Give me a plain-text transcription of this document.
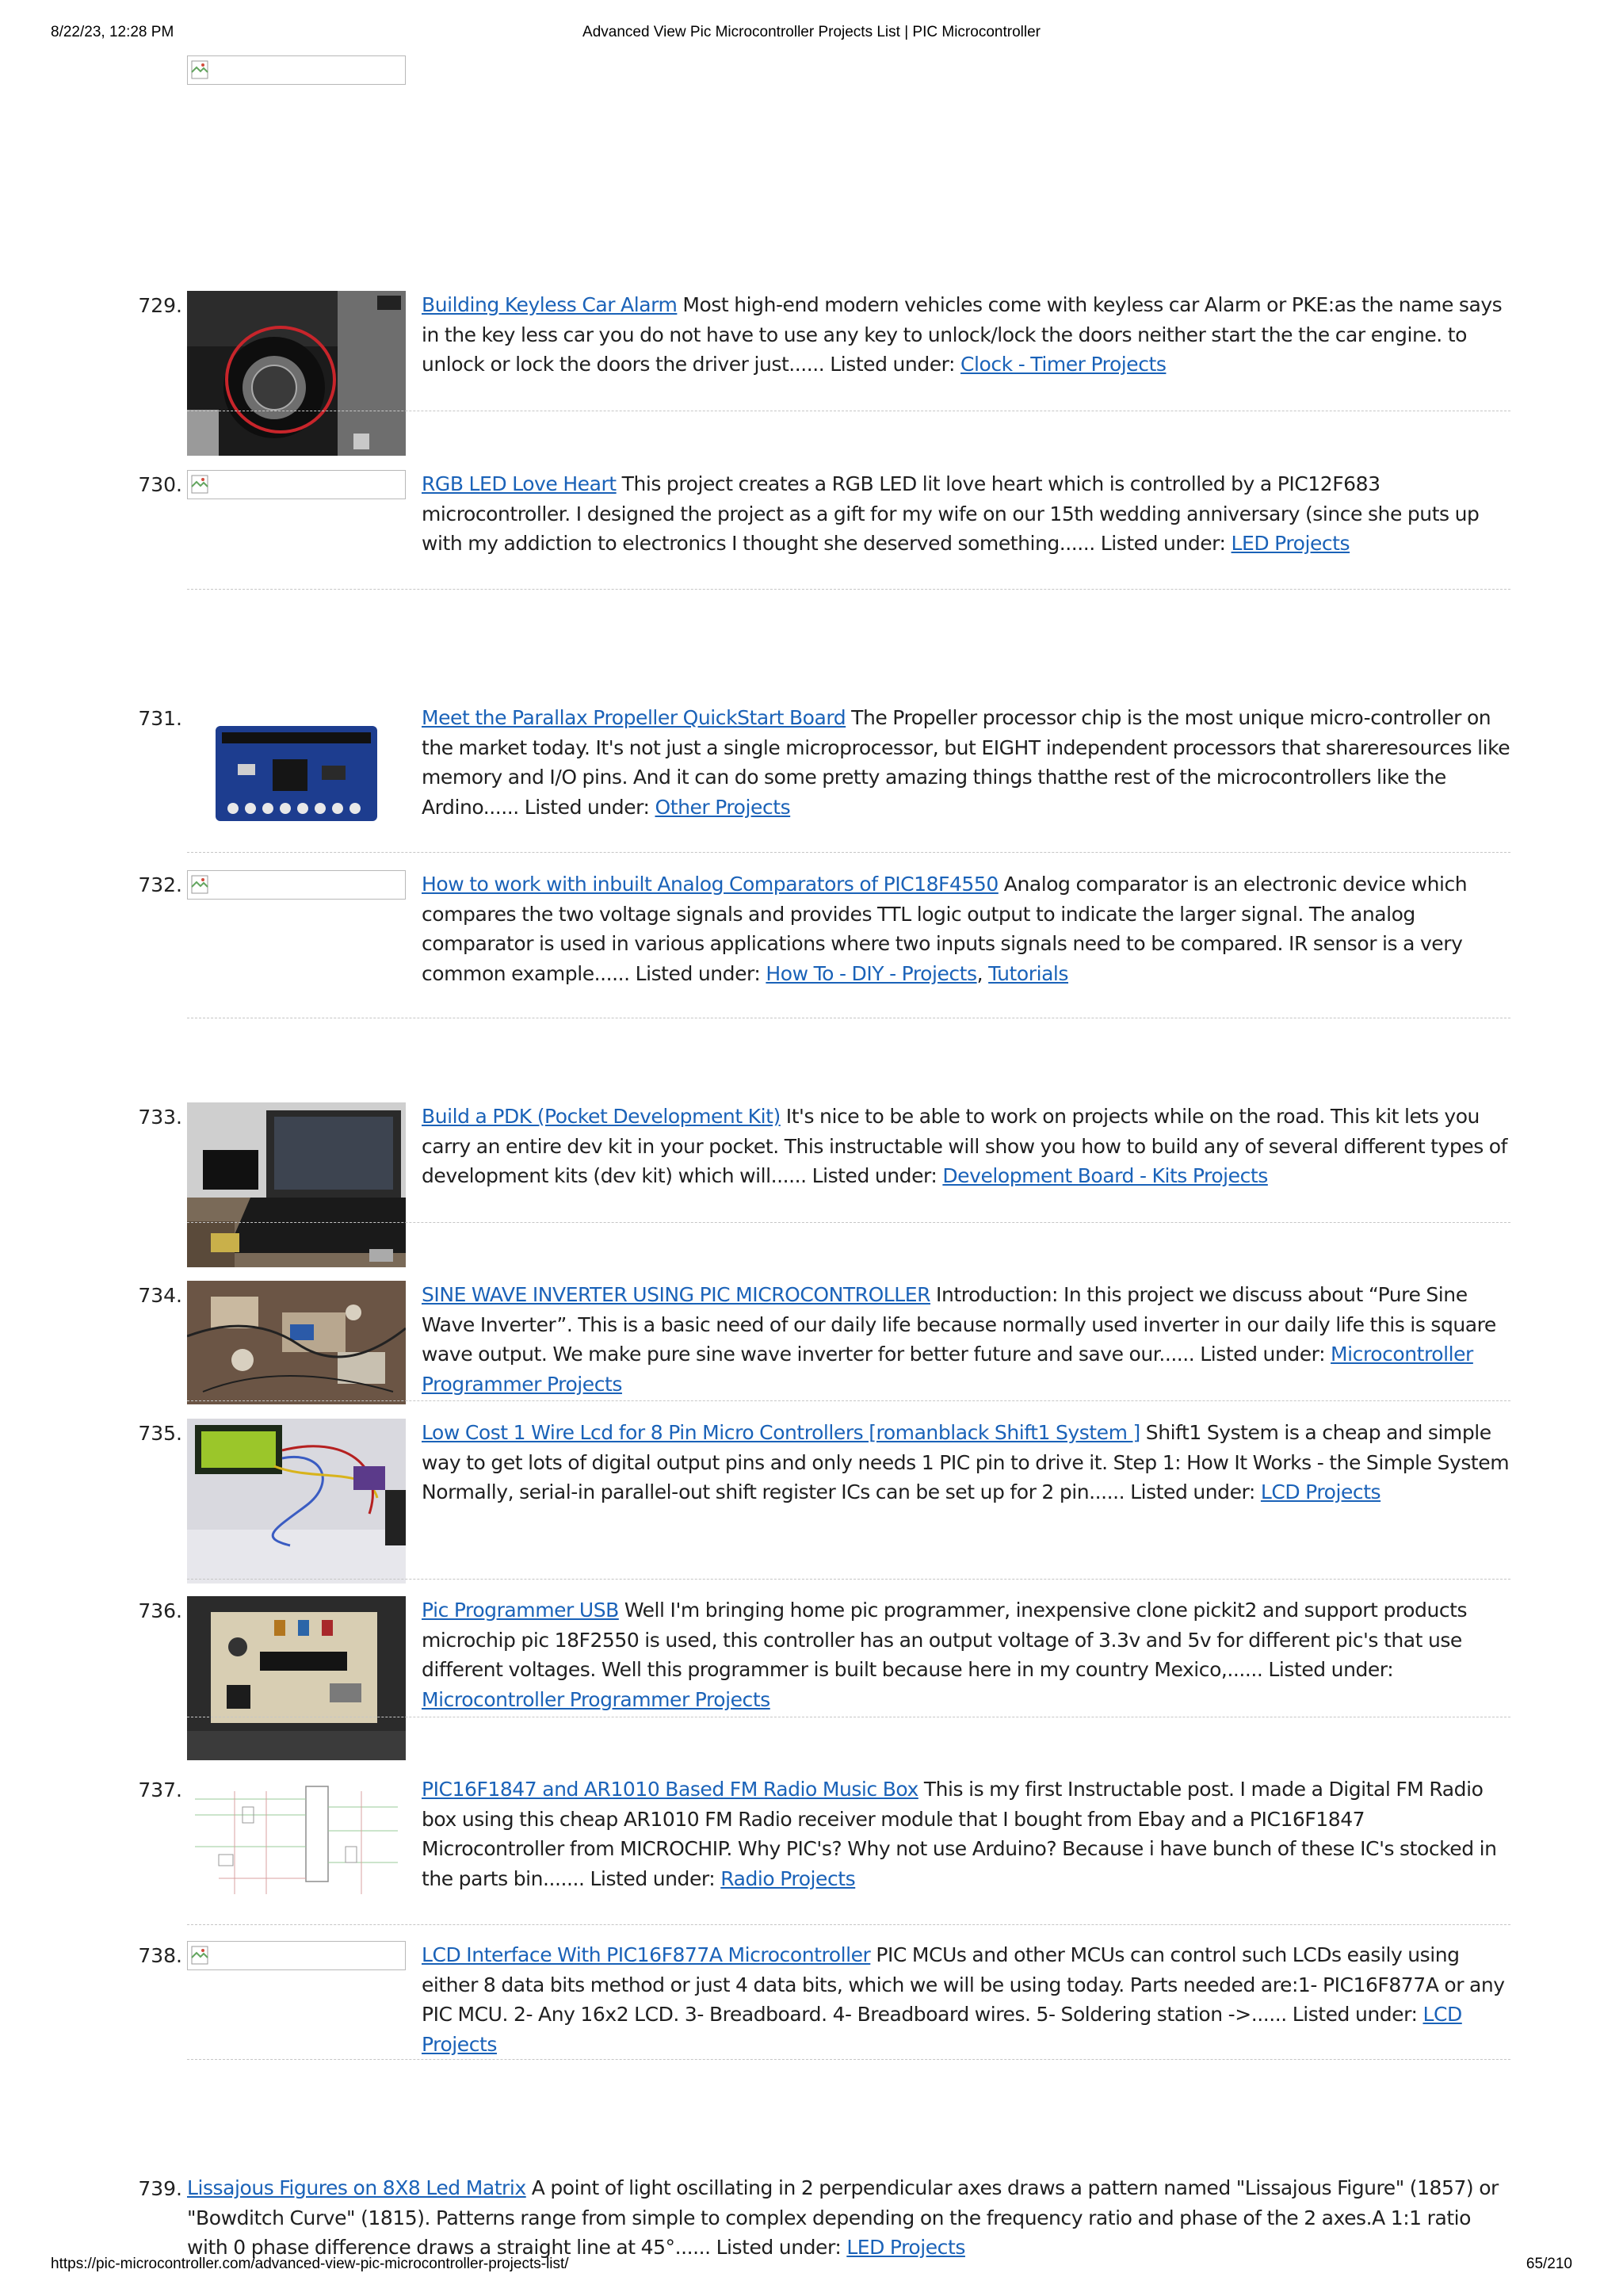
8/22/23, 12:28 PM	Advanced View Pic Microcontroller Projects List | PIC Microcontroller
729.	Building Keyless Car Alarm Most high-end modern vehicles come with keyless car Alarm or PKE:as the name says in the key less car you do not have to use any key to unlock/lock the doors neither start the the car engine. to unlock or lock the doors the driver just...... Listed under: Clock - Timer Projects
730.	RGB LED Love Heart This project creates a RGB LED lit love heart which is controlled by a PIC12F683 microcontroller. I designed the project as a gift for my wife on our 15th wedding anniversary (since she puts up with my addiction to electronics I thought she deserved something...... Listed under: LED Projects
731.	Meet the Parallax Propeller QuickStart Board The Propeller processor chip is the most unique micro-controller on the market today. It's not just a single microprocessor, but EIGHT independent processors that shareresources like memory and I/O pins. And it can do some pretty amazing things thatthe rest of the microcontrollers like the Ardino...... Listed under: Other Projects
732.	How to work with inbuilt Analog Comparators of PIC18F4550 Analog comparator is an electronic device which compares the two voltage signals and provides TTL logic output to indicate the larger signal. The analog comparator is used in various applications where two inputs signals need to be compared. IR sensor is a very common example...... Listed under: How To - DIY - Projects, Tutorials
733.	Build a PDK (Pocket Development Kit) It's nice to be able to work on projects while on the road. This kit lets you carry an entire dev kit in your pocket. This instructable will show you how to build any of several different types of development kits (dev kit) which will...... Listed under: Development Board - Kits Projects
734.	SINE WAVE INVERTER USING PIC MICROCONTROLLER Introduction: In this project we discuss about “Pure Sine Wave Inverter”. This is a basic need of our daily life because normally used inverter in our daily life this is square wave output. We make pure sine wave inverter for better future and save our...... Listed under: Microcontroller Programmer Projects
735.	Low Cost 1 Wire Lcd for 8 Pin Micro Controllers [romanblack Shift1 System ] Shift1 System is a cheap and simple way to get lots of digital output pins and only needs 1 PIC pin to drive it. Step 1: How It Works - the Simple System Normally, serial-in parallel-out shift register ICs can be set up for 2 pin...... Listed under: LCD Projects
736.	Pic Programmer USB Well I'm bringing home pic programmer, inexpensive clone pickit2 and support products microchip pic 18F2550 is used, this controller has an output voltage of 3.3v and 5v for different pic's that use different voltages. Well this programmer is built because here in my country Mexico,...... Listed under: Microcontroller Programmer Projects
737.	PIC16F1847 and AR1010 Based FM Radio Music Box This is my first Instructable post. I made a Digital FM Radio box using this cheap AR1010 FM Radio receiver module that I bought from Ebay and a PIC16F1847 Microcontroller from MICROCHIP. Why PIC's? Why not use Arduino? Because i have bunch of these IC's stocked in the parts bin....... Listed under: Radio Projects
738.	LCD Interface With PIC16F877A Microcontroller PIC MCUs and other MCUs can control such LCDs easily using either 8 data bits method or just 4 data bits, which we will be using today. Parts needed are:1- PIC16F877A or any PIC MCU. 2- Any 16x2 LCD. 3- Breadboard. 4- Breadboard wires. 5- Soldering station ->...... Listed under: LCD Projects
739. Lissajous Figures on 8X8 Led Matrix A point of light oscillating in 2 perpendicular axes draws a pattern named "Lissajous Figure" (1857) or "Bowditch Curve" (1815). Patterns range from simple to complex depending on the frequency ratio and phase of the 2 axes.A 1:1 ratio with 0 phase difference draws a straight line at 45°...... Listed under: LED Projects
https://pic-microcontroller.com/advanced-view-pic-microcontroller-projects-list/	65/210
